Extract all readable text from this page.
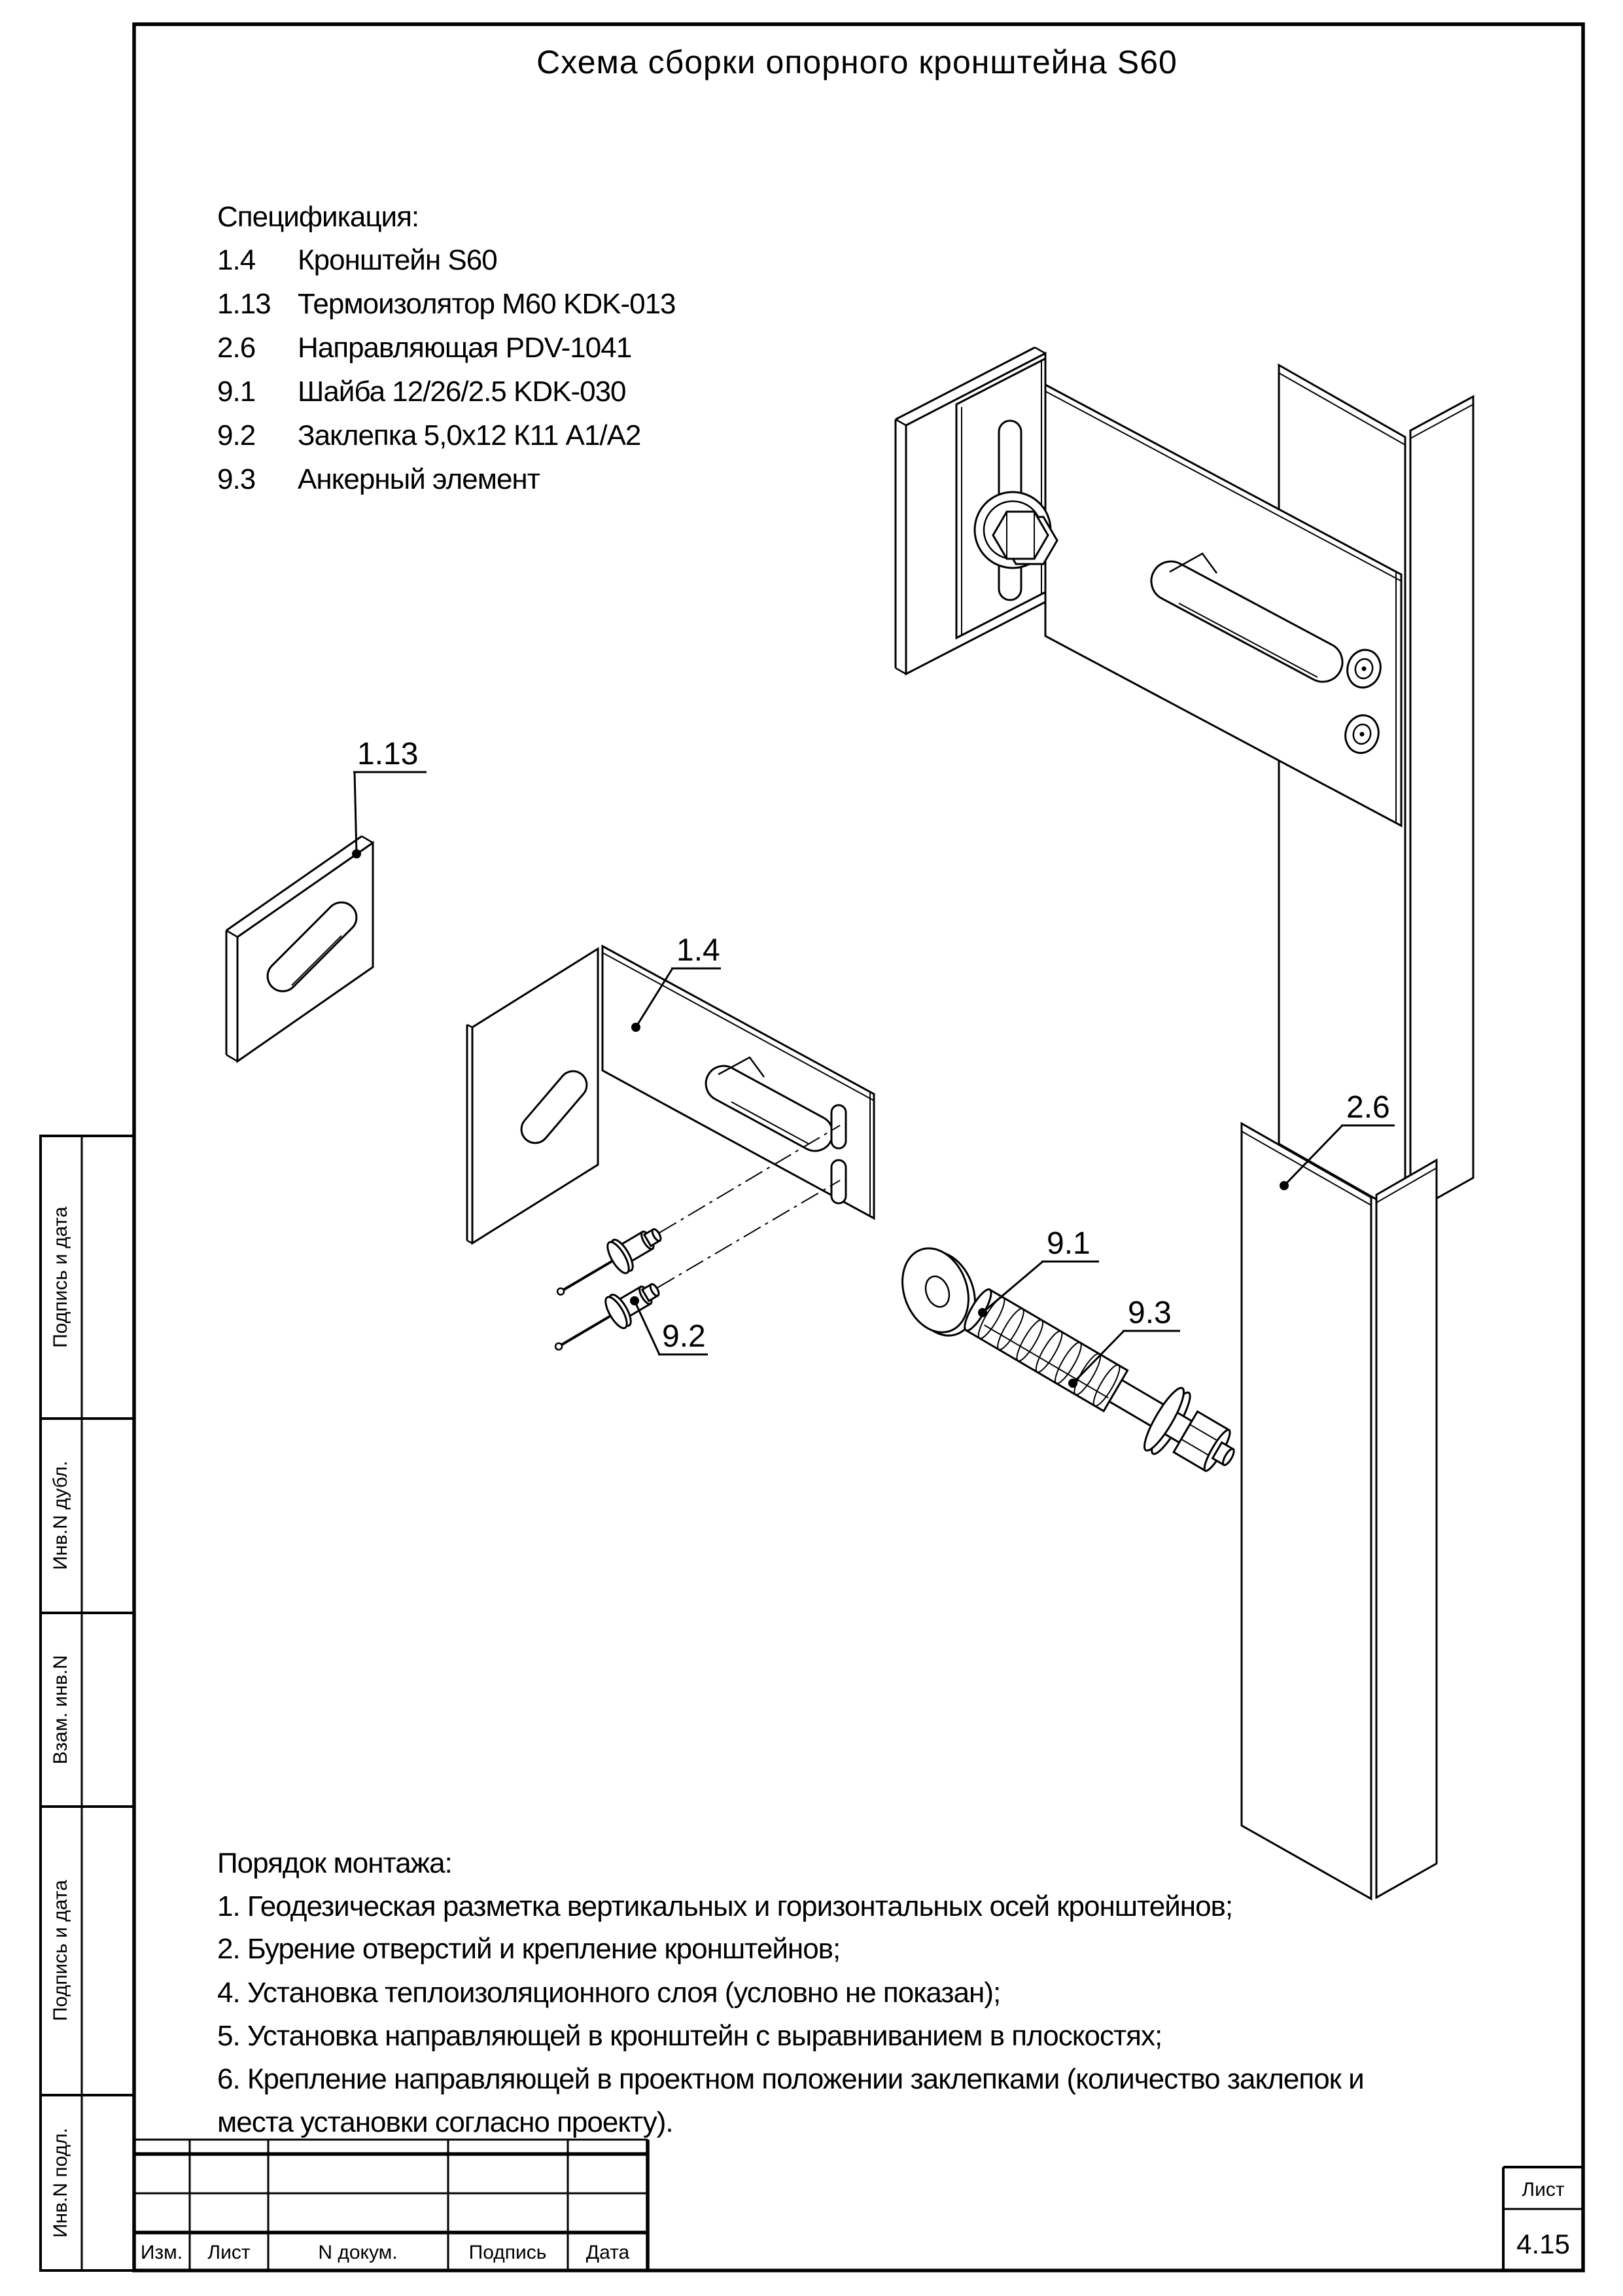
Подпись и дата
Инв.N дубл.
Взам. инв.N
Подпись и дата
Инв.N подл.
Схема сборки опорного кронштейна S60
Спецификация:
1.4 Кронштейн S60
1.13 Термоизолятор М60 KDK-013
2.6 Направляющая PDV-1041
9.1 Шайба 12/26/2.5 KDK-030
9.2 Заклепка 5,0х12 К11 А1/А2
9.3 Анкерный элемент
1.13
1.4
9.2
9.1
9.3
2.6
Порядок монтажа:
1. Геодезическая разметка вертикальных и горизонтальных осей кронштейнов;
2. Бурение отверстий и крепление кронштейнов;
4. Установка теплоизоляционного слоя (условно не показан);
5. Установка направляющей в кронштейн с выравниванием в плоскостях;
6. Крепление направляющей в проектном положении заклепками (количество заклепок и
места установки согласно проекту).
Изм. Лист	N докум.	Подпись Дата
Лист
4.15
